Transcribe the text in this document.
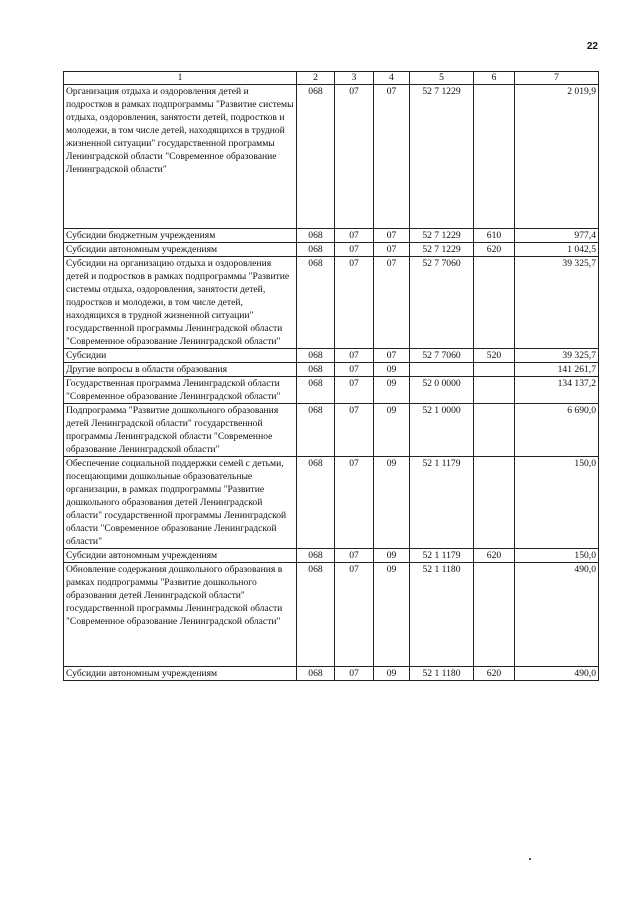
22
1	2	3	4	5	6	7
Организация отдыха и оздоровления детей и подростков в рамках подпрограммы "Развитие системы отдыха, оздоровления, занятости детей, подростков и молодежи, в том числе детей, находящихся в трудной жизненной ситуации" государственной программы Ленинградской области "Современное образование Ленинградской области"	068	07	07	52 7 1229		2 019,9
Субсидии бюджетным учреждениям	068	07	07	52 7 1229	610	977,4
Субсидии автономным учреждениям	068	07	07	52 7 1229	620	1 042,5
Субсидии на организацию отдыха и оздоровления детей и подростков в рамках подпрограммы "Развитие системы отдыха, оздоровления, занятости детей, подростков и молодежи, в том числе детей, находящихся в трудной жизненной ситуации" государственной программы Ленинградской области "Современное образование Ленинградской области"	068	07	07	52 7 7060		39 325,7
Субсидии	068	07	07	52 7 7060	520	39 325,7
Другие вопросы в области образования	068	07	09			141 261,7
Государственная программа Ленинградской области "Современное образование Ленинградской области"	068	07	09	52 0 0000		134 137,2
Подпрограмма "Развитие дошкольного образования детей Ленинградской области" государственной программы Ленинградской области "Современное образование Ленинградской области"	068	07	09	52 1 0000		6 690,0
Обеспечение социальной поддержки семей с детьми, посещающими дошкольные образовательные организации, в рамках подпрограммы "Развитие дошкольного образования детей Ленинградской области" государственной программы Ленинградской области "Современное образование Ленинградской области"	068	07	09	52 1 1179		150,0
Субсидии автономным учреждениям	068	07	09	52 1 1179	620	150,0
Обновление содержания дошкольного образования в рамках подпрограммы "Развитие дошкольного образования детей Ленинградской области" государственной программы Ленинградской области "Современное образование Ленинградской области"	068	07	09	52 1 1180		490,0
Субсидии автономным учреждениям	068	07	09	52 1 1180	620	490,0
